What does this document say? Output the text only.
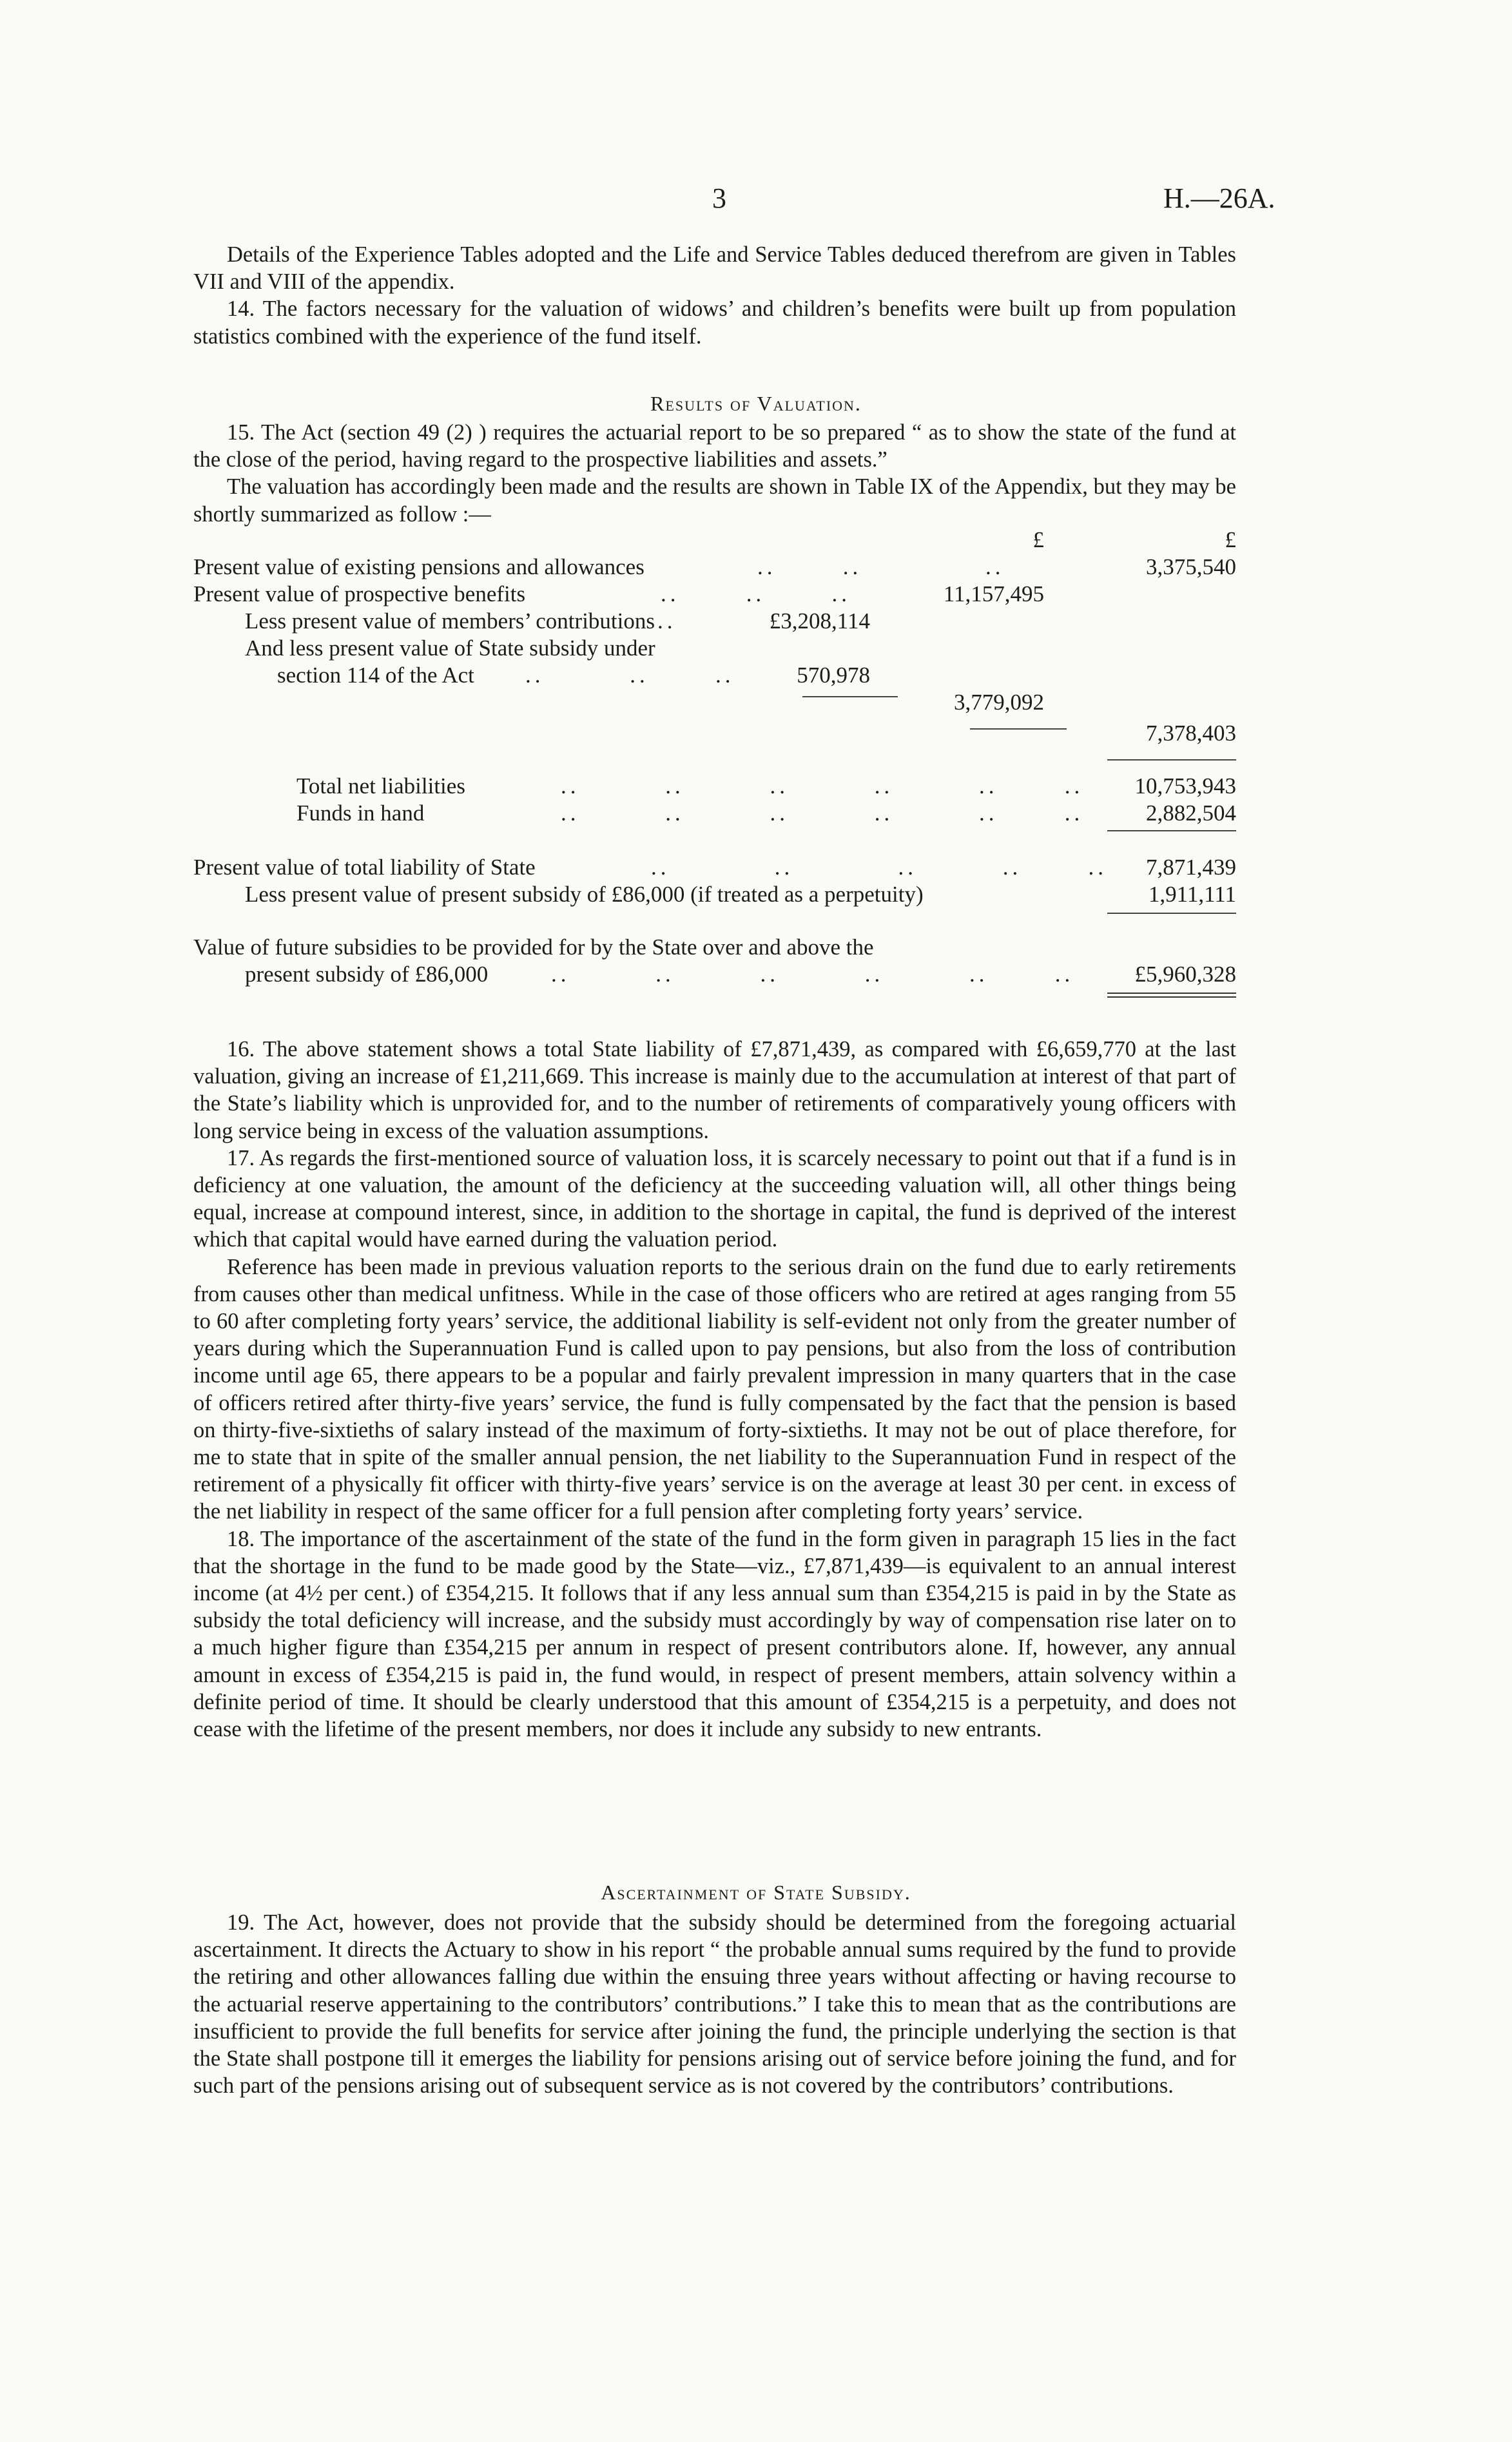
3	H.—26A.

Details of the Experience Tables adopted and the Life and Service Tables deduced therefrom are given in Tables VII and VIII of the appendix.

14. The factors necessary for the valuation of widows’ and children’s benefits were built up from population statistics combined with the experience of the fund itself.

Results of Valuation.

15. The Act (section 49 (2) ) requires the actuarial report to be so prepared “ as to show the state of the fund at the close of the period, having regard to the prospective liabilities and assets.”

The valuation has accordingly been made and the results are shown in Table IX of the Appendix, but they may be shortly summarized as follow :—

£	£
Present value of existing pensions and allowances	..       ..             ..	3,375,540
Present value of prospective benefits	..       ..       ..	11,157,495
Less present value of members’ contributions ..	£3,208,114
And less present value of State subsidy under
section 114 of the Act ..         ..       ..	570,978
3,779,092
7,378,403
Total net liabilities	..         ..         ..         ..         ..       ..	10,753,943
Funds in hand	..         ..         ..         ..         ..       ..	2,882,504
Present value of total liability of State	..           ..           ..         ..       ..	7,871,439
Less present value of present subsidy of £86,000 (if treated as a perpetuity)	1,911,111
Value of future subsidies to be provided for by the State over and above the
present subsidy of £86,000	..         ..         ..         ..         ..       ..	£5,960,328

16. The above statement shows a total State liability of £7,871,439, as compared with £6,659,770 at the last valuation, giving an increase of £1,211,669. This increase is mainly due to the accumulation at interest of that part of the State’s liability which is unprovided for, and to the number of retirements of comparatively young officers with long service being in excess of the valuation assumptions.

17. As regards the first-mentioned source of valuation loss, it is scarcely necessary to point out that if a fund is in deficiency at one valuation, the amount of the deficiency at the succeeding valuation will, all other things being equal, increase at compound interest, since, in addition to the shortage in capital, the fund is deprived of the interest which that capital would have earned during the valuation period.

Reference has been made in previous valuation reports to the serious drain on the fund due to early retirements from causes other than medical unfitness. While in the case of those officers who are retired at ages ranging from 55 to 60 after completing forty years’ service, the additional liability is self-evident not only from the greater number of years during which the Superannuation Fund is called upon to pay pensions, but also from the loss of contribution income until age 65, there appears to be a popular and fairly prevalent impression in many quarters that in the case of officers retired after thirty-five years’ service, the fund is fully compensated by the fact that the pension is based on thirty-five-sixtieths of salary instead of the maximum of forty-sixtieths. It may not be out of place therefore, for me to state that in spite of the smaller annual pension, the net liability to the Superannuation Fund in respect of the retirement of a physically fit officer with thirty-five years’ service is on the average at least 30 per cent. in excess of the net liability in respect of the same officer for a full pension after completing forty years’ service.

18. The importance of the ascertainment of the state of the fund in the form given in paragraph 15 lies in the fact that the shortage in the fund to be made good by the State—viz., £7,871,439—is equivalent to an annual interest income (at 4½ per cent.) of £354,215. It follows that if any less annual sum than £354,215 is paid in by the State as subsidy the total deficiency will increase, and the subsidy must accordingly by way of compensation rise later on to a much higher figure than £354,215 per annum in respect of present contributors alone. If, however, any annual amount in excess of £354,215 is paid in, the fund would, in respect of present members, attain solvency within a definite period of time. It should be clearly understood that this amount of £354,215 is a perpetuity, and does not cease with the lifetime of the present members, nor does it include any subsidy to new entrants.

Ascertainment of State Subsidy.

19. The Act, however, does not provide that the subsidy should be determined from the foregoing actuarial ascertainment. It directs the Actuary to show in his report “ the probable annual sums required by the fund to provide the retiring and other allowances falling due within the ensuing three years without affecting or having recourse to the actuarial reserve appertaining to the contributors’ contributions.” I take this to mean that as the contributions are insufficient to provide the full benefits for service after joining the fund, the principle underlying the section is that the State shall postpone till it emerges the liability for pensions arising out of service before joining the fund, and for such part of the pensions arising out of subsequent service as is not covered by the contributors’ contributions.
